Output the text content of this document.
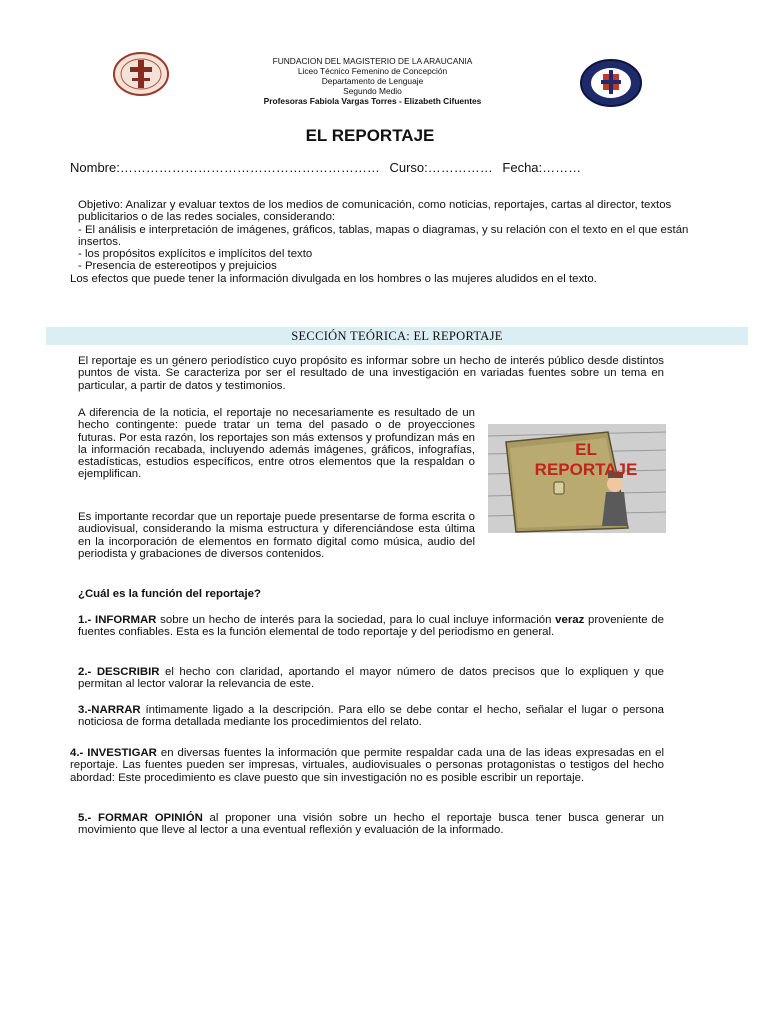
FUNDACION DEL MAGISTERIO DE LA ARAUCANIA
Liceo Técnico Femenino de Concepción
Departamento de Lenguaje
Segundo Medio
Profesoras Fabiola Vargas Torres - Elizabeth Cifuentes
EL REPORTAJE
Nombre:…………………………………………………… Curso:…………… Fecha:………
Objetivo: Analizar y evaluar textos de los medios de comunicación, como noticias, reportajes, cartas al director, textos publicitarios o de las redes sociales, considerando:
- El análisis e interpretación de imágenes, gráficos, tablas, mapas o diagramas, y su relación con el texto en el que están insertos.
- los propósitos explícitos e implícitos del texto
- Presencia de estereotipos y prejuicios
Los efectos que puede tener la información divulgada en los hombres o las mujeres aludidos en el texto.
SECCIÓN TEÓRICA: EL REPORTAJE

El reportaje es un género periodístico cuyo propósito es informar sobre un hecho de interés público desde distintos puntos de vista. Se caracteriza por ser el resultado de una investigación en variadas fuentes sobre un tema en particular, a partir de datos y testimonios.

A diferencia de la noticia, el reportaje no necesariamente es resultado de un hecho contingente: puede tratar un tema del pasado o de proyecciones futuras. Por esta razón, los reportajes son más extensos y profundizan más en la información recabada, incluyendo además imágenes, gráficos, infografías, estadísticas, estudios específicos, entre otros elementos que la respaldan o ejemplifican.

Es importante recordar que un reportaje puede presentarse de forma escrita o audiovisual, considerando la misma estructura y diferenciándose esta última en la incorporación de elementos en formato digital como música, audio del periodista y grabaciones de diversos contenidos.

EL
REPORTAJE
¿Cuál es la función del reportaje?

1.- INFORMAR sobre un hecho de interés para la sociedad, para lo cual incluye información veraz proveniente de fuentes confiables. Esta es la función elemental de todo reportaje y del periodismo en general.

2.- DESCRIBIR el hecho con claridad, aportando el mayor número de datos precisos que lo expliquen y que permitan al lector valorar la relevancia de este.

3.-NARRAR íntimamente ligado a la descripción. Para ello se debe contar el hecho, señalar el lugar o persona noticiosa de forma detallada mediante los procedimientos del relato.

4.- INVESTIGAR en diversas fuentes la información que permite respaldar cada una de las ideas expresadas en el reportaje. Las fuentes pueden ser impresas, virtuales, audiovisuales o personas protagonistas o testigos del hecho abordad: Este procedimiento es clave puesto que sin investigación no es posible escribir un reportaje.

5.- FORMAR OPINIÓN al proponer una visión sobre un hecho el reportaje busca tener busca generar un movimiento que lleve al lector a una eventual reflexión y evaluación de la informado.
